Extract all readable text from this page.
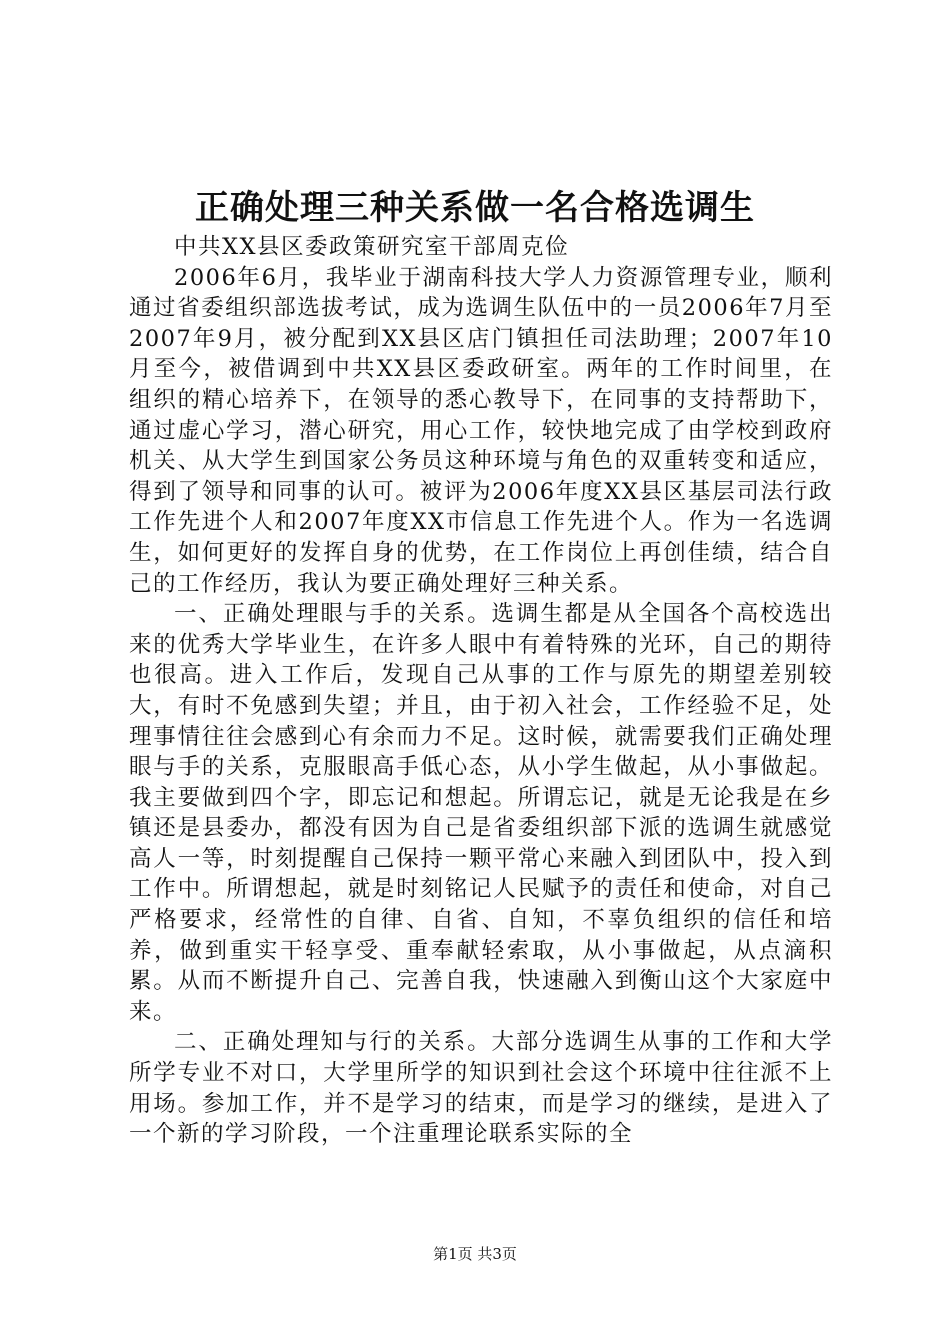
正确处理三种关系做一名合格选调生

中共XX县区委政策研究室干部周克俭

2006年6月，我毕业于湖南科技大学人力资源管理专业，顺利通过省委组织部选拔考试，成为选调生队伍中的一员2006年7月至2007年9月，被分配到XX县区店门镇担任司法助理；2007年10月至今，被借调到中共XX县区委政研室。两年的工作时间里，在组织的精心培养下，在领导的悉心教导下，在同事的支持帮助下，通过虚心学习，潜心研究，用心工作，较快地完成了由学校到政府机关、从大学生到国家公务员这种环境与角色的双重转变和适应，得到了领导和同事的认可。被评为2006年度XX县区基层司法行政工作先进个人和2007年度XX市信息工作先进个人。作为一名选调生，如何更好的发挥自身的优势，在工作岗位上再创佳绩，结合自己的工作经历，我认为要正确处理好三种关系。

一、正确处理眼与手的关系。选调生都是从全国各个高校选出来的优秀大学毕业生，在许多人眼中有着特殊的光环，自己的期待也很高。进入工作后，发现自己从事的工作与原先的期望差别较大，有时不免感到失望；并且，由于初入社会，工作经验不足，处理事情往往会感到心有余而力不足。这时候，就需要我们正确处理眼与手的关系，克服眼高手低心态，从小学生做起，从小事做起。我主要做到四个字，即忘记和想起。所谓忘记，就是无论我是在乡镇还是县委办，都没有因为自己是省委组织部下派的选调生就感觉高人一等，时刻提醒自己保持一颗平常心来融入到团队中，投入到工作中。所谓想起，就是时刻铭记人民赋予的责任和使命，对自己严格要求，经常性的自律、自省、自知，不辜负组织的信任和培养，做到重实干轻享受、重奉献轻索取，从小事做起，从点滴积累。从而不断提升自己、完善自我，快速融入到衡山这个大家庭中来。

二、正确处理知与行的关系。大部分选调生从事的工作和大学所学专业不对口，大学里所学的知识到社会这个环境中往往派不上用场。参加工作，并不是学习的结束，而是学习的继续，是进入了一个新的学习阶段，一个注重理论联系实际的全

第1页 共3页
